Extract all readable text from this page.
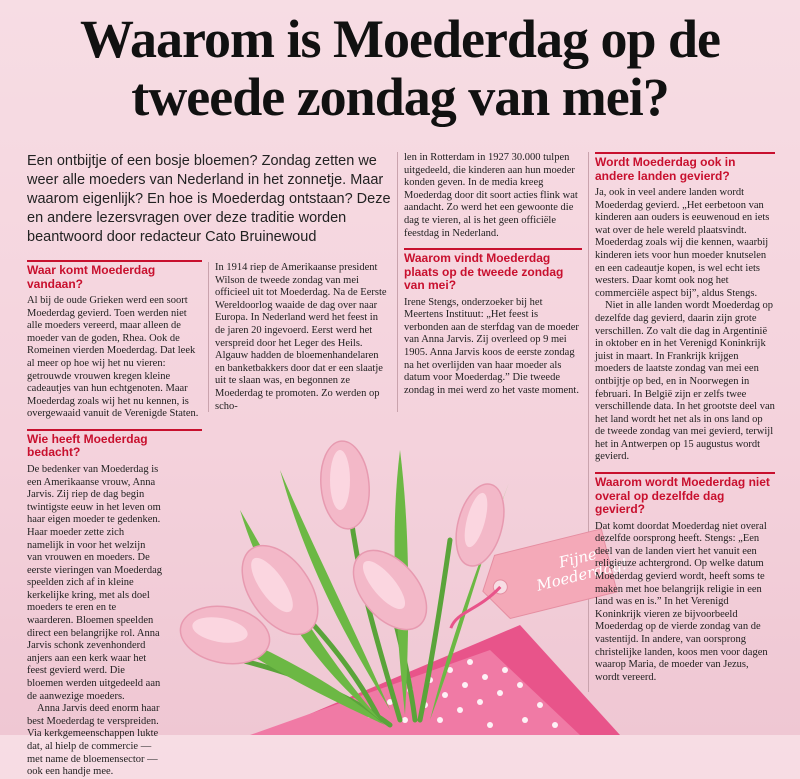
Waarom is Moederdag op de tweede zondag van mei?
Een ontbijtje of een bosje bloemen? Zondag zetten we weer alle moeders van Nederland in het zonnetje. Maar waarom eigenlijk? En hoe is Moederdag ontstaan? Deze en andere lezersvragen over deze traditie worden beantwoord door redacteur Cato Bruinewoud
Fijne Moederdag!
Waar komt Moederdag vandaan?

Al bij de oude Grieken werd een soort Moederdag gevierd. Toen werden niet alle moeders vereerd, maar alleen de moeder van de goden, Rhea. Ook de Romeinen vierden Moederdag. Dat leek al meer op hoe wij het nu vieren: getrouwde vrouwen kregen kleine cadeautjes van hun echtgenoten. Maar Moederdag zoals wij het nu kennen, is overgewaaid vanuit de Verenigde Staten.

Wie heeft Moederdag bedacht?

De bedenker van Moederdag is een Amerikaanse vrouw, Anna Jarvis. Zij riep de dag begin twintigste eeuw in het leven om haar eigen moeder te gedenken. Haar moeder zette zich namelijk in voor het welzijn van vrouwen en moeders. De eerste vieringen van Moederdag speelden zich af in kleine kerkelijke kring, met als doel moeders te eren en te waarderen. Bloemen speelden direct een belangrijke rol. Anna Jarvis schonk zevenhonderd anjers aan een kerk waar het feest gevierd werd. Die bloemen werden uitgedeeld aan de aanwezige moeders.

Anna Jarvis deed enorm haar best Moederdag te verspreiden. Via kerkgemeenschappen lukte dat, al hielp de commercie — met name de bloemensector — ook een handje mee.

In 1914 riep de Amerikaanse president Wilson de tweede zondag van mei officieel uit tot Moederdag. Na de Eerste Wereldoorlog waaide de dag over naar Europa. In Nederland werd het feest in de jaren 20 ingevoerd. Eerst werd het verspreid door het Leger des Heils. Algauw hadden de bloemenhandelaren en banketbakkers door dat er een slaatje uit te slaan was, en begonnen ze Moederdag te promoten. Zo werden op scho-

len in Rotterdam in 1927 30.000 tulpen uitgedeeld, die kinderen aan hun moeder konden geven. In de media kreeg Moederdag door dit soort acties flink wat aandacht. Zo werd het een gewoonte die dag te vieren, al is het geen officiële feestdag in Nederland.

Waarom vindt Moederdag plaats op de tweede zondag van mei?

Irene Stengs, onderzoeker bij het Meertens Instituut: „Het feest is verbonden aan de sterfdag van de moeder van Anna Jarvis. Zij overleed op 9 mei 1905. Anna Jarvis koos de eerste zondag na het overlijden van haar moeder als datum voor Moederdag.” Die tweede zondag in mei werd zo het vaste moment.

Wordt Moederdag ook in andere landen gevierd?

Ja, ook in veel andere landen wordt Moederdag gevierd. „Het eerbetoon van kinderen aan ouders is eeuwenoud en iets wat over de hele wereld plaatsvindt. Moederdag zoals wij die kennen, waarbij kinderen iets voor hun moeder knutselen en een cadeautje kopen, is wel echt iets westers. Daar komt ook nog het commerciële aspect bij”, aldus Stengs.

Niet in alle landen wordt Moederdag op dezelfde dag gevierd, daarin zijn grote verschillen. Zo valt die dag in Argentinië in oktober en in het Verenigd Koninkrijk juist in maart. In Frankrijk krijgen moeders de laatste zondag van mei een ontbijtje op bed, en in Noorwegen in februari. In België zijn er zelfs twee verschillende data. In het grootste deel van het land wordt het net als in ons land op de tweede zondag van mei gevierd, terwijl het in Antwerpen op 15 augustus wordt gevierd.

Waarom wordt Moederdag niet overal op dezelfde dag gevierd?

Dat komt doordat Moederdag niet overal dezelfde oorsprong heeft. Stengs: „Een deel van de landen viert het vanuit een religieuze achtergrond. Op welke datum Moederdag gevierd wordt, heeft soms te maken met hoe belangrijk religie in een land was en is.” In het Verenigd Koninkrijk vieren ze bijvoorbeeld Moederdag op de vierde zondag van de vastentijd. In andere, van oorsprong christelijke landen, koos men voor dagen waarop Maria, de moeder van Jezus, wordt vereerd.
